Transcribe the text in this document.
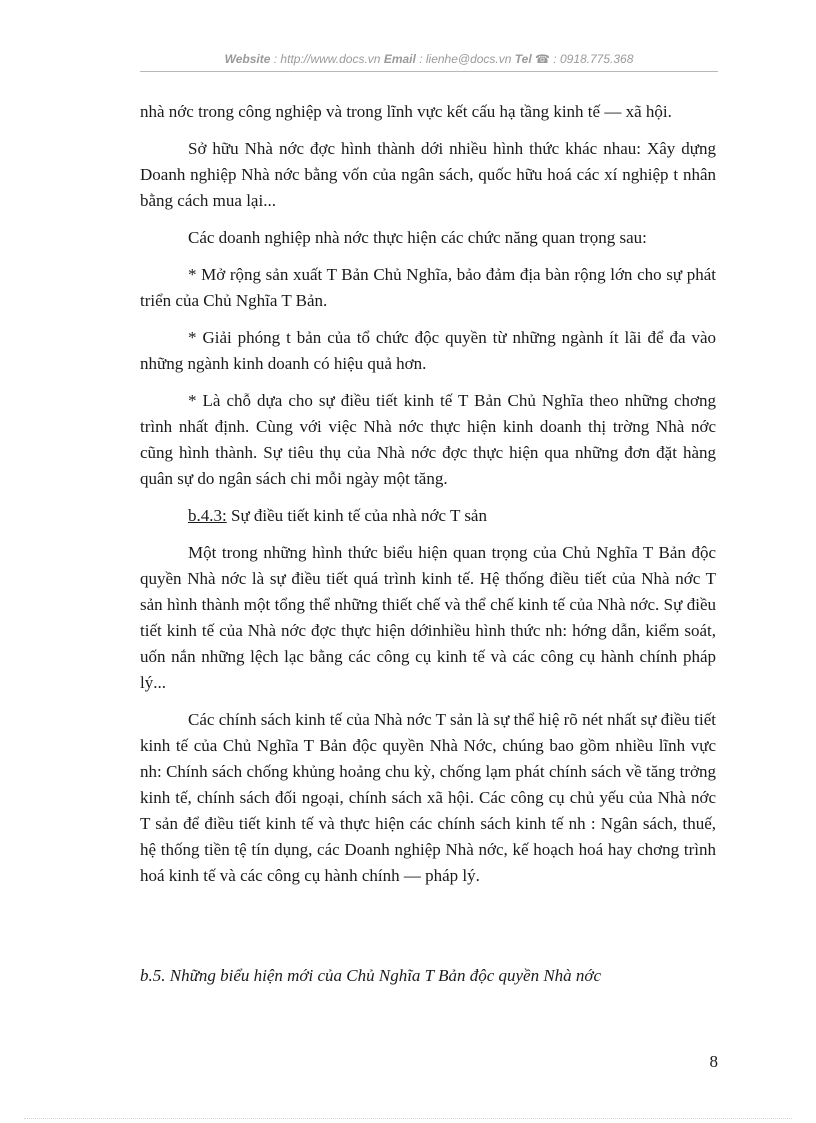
Website : http://www.docs.vn Email : lienhe@docs.vn Tel ☎ : 0918.775.368

nhà nớc trong công nghiệp và trong lĩnh vực kết cấu hạ tầng kinh tế — xã hội.

Sở hữu Nhà nớc đợc hình thành dới nhiều hình thức khác nhau: Xây dựng Doanh nghiệp Nhà nớc bằng vốn của ngân sách, quốc hữu hoá các xí nghiệp t nhân bằng cách mua lại...

Các doanh nghiệp nhà nớc thực hiện các chức năng quan trọng sau:

* Mở rộng sản xuất T Bản Chủ Nghĩa, bảo đảm địa bàn rộng lớn cho sự phát triển của Chủ Nghĩa T Bản.

* Giải phóng t bản của tổ chức độc quyền từ những ngành ít lãi để đa vào những ngành kinh doanh có hiệu quả hơn.

* Là chỗ dựa cho sự điều tiết kinh tế T Bản Chủ Nghĩa theo những chơng trình nhất định. Cùng với việc Nhà nớc thực hiện kinh doanh thị trờng Nhà nớc cũng hình thành. Sự tiêu thụ của Nhà nớc đợc thực hiện qua những đơn đặt hàng quân sự do ngân sách chi mỗi ngày một tăng.

b.4.3: Sự điều tiết kinh tế của nhà nớc T sản

Một trong những hình thức biểu hiện quan trọng của Chủ Nghĩa T Bản độc quyền Nhà nớc là sự điều tiết quá trình kinh tế. Hệ thống điều tiết của Nhà nớc T sản hình thành một tổng thể những thiết chế và thể chế kinh tế của Nhà nớc. Sự điều tiết kinh tế của Nhà nớc đợc thực hiện dớinhiều hình thức nh: hớng dẫn, kiểm soát, uốn nắn những lệch lạc bằng các công cụ kinh tế và các công cụ hành chính pháp lý...

Các chính sách kinh tế của Nhà nớc T sản là sự thể hiệ rõ nét nhất sự điều tiết kinh tế của Chủ Nghĩa T Bản độc quyền Nhà Nớc, chúng bao gồm nhiều lĩnh vực nh: Chính sách chống khủng hoảng chu kỳ, chống lạm phát chính sách về tăng trởng kinh tế, chính sách đối ngoại, chính sách xã hội. Các công cụ chủ yếu của Nhà nớc T sản để điều tiết kinh tế và thực hiện các chính sách kinh tế nh : Ngân sách, thuế, hệ thống tiền tệ tín dụng, các Doanh nghiệp Nhà nớc, kế hoạch hoá hay chơng trình hoá kinh tế và các công cụ hành chính — pháp lý.

b.5. Những biểu hiện mới của Chủ Nghĩa T Bản độc quyền Nhà nớc
8
